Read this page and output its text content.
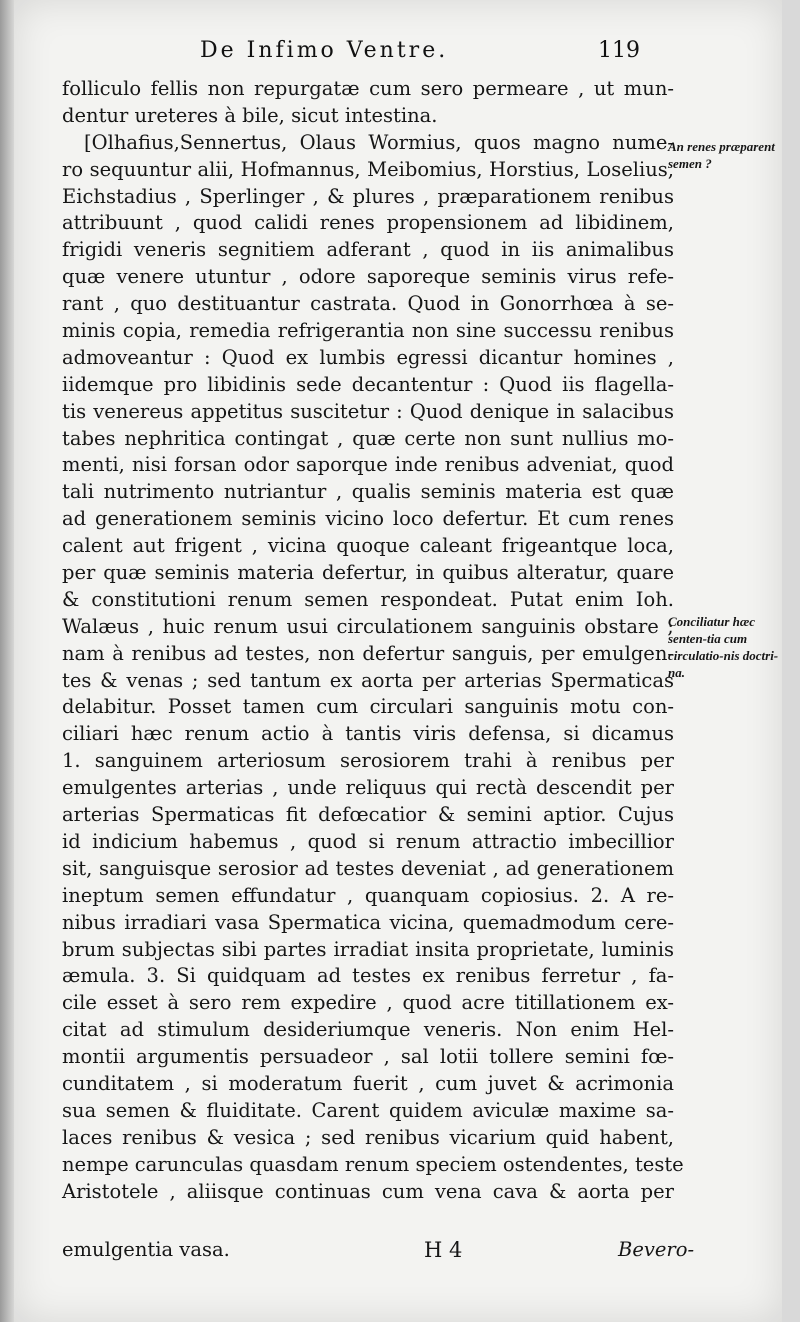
De Infimo Ventre.	119
folliculo fellis non repurgatæ cum sero permeare , ut mun-
dentur ureteres à bile, sicut intestina.
[Olhafius,Sennertus, Olaus Wormius, quos magno nume-
ro sequuntur alii, Hofmannus, Meibomius, Horstius, Loselius,
Eichstadius , Sperlinger , & plures , præparationem renibus
attribuunt , quod calidi renes propensionem ad libidinem,
frigidi veneris segnitiem adferant , quod in iis animalibus
quæ venere utuntur , odore saporeque seminis virus refe-
rant , quo destituantur castrata. Quod in Gonorrhœa à se-
minis copia, remedia refrigerantia non sine successu renibus
admoveantur : Quod ex lumbis egressi dicantur homines ,
iidemque pro libidinis sede decantentur : Quod iis flagella-
tis venereus appetitus suscitetur : Quod denique in salacibus
tabes nephritica contingat , quæ certe non sunt nullius mo-
menti, nisi forsan odor saporque inde renibus adveniat, quod
tali nutrimento nutriantur , qualis seminis materia est quæ
ad generationem seminis vicino loco defertur. Et cum renes
calent aut frigent , vicina quoque caleant frigeantque loca,
per quæ seminis materia defertur, in quibus alteratur, quare
& constitutioni renum semen respondeat. Putat enim Ioh.
Walæus , huic renum usui circulationem sanguinis obstare ;
nam à renibus ad testes, non defertur sanguis, per emulgen-
tes & venas ; sed tantum ex aorta per arterias Spermaticas
delabitur. Posset tamen cum circulari sanguinis motu con-
ciliari hæc renum actio à tantis viris defensa, si dicamus
1. sanguinem arteriosum serosiorem trahi à renibus per
emulgentes arterias , unde reliquus qui rectà descendit per
arterias Spermaticas fit defœcatior & semini aptior. Cujus
id indicium habemus , quod si renum attractio imbecillior
sit, sanguisque serosior ad testes deveniat , ad generationem
ineptum semen effundatur , quanquam copiosius. 2. A re-
nibus irradiari vasa Spermatica vicina, quemadmodum cere-
brum subjectas sibi partes irradiat insita proprietate, luminis
æmula. 3. Si quidquam ad testes ex renibus ferretur , fa-
cile esset à sero rem expedire , quod acre titillationem ex-
citat ad stimulum desideriumque veneris. Non enim Hel-
montii argumentis persuadeor , sal lotii tollere semini fœ-
cunditatem , si moderatum fuerit , cum juvet & acrimonia
sua semen & fluiditate. Carent quidem aviculæ maxime sa-
laces renibus & vesica ; sed renibus vicarium quid habent,
nempe carunculas quasdam renum speciem ostendentes, teste
Aristotele , aliisque continuas cum vena cava & aorta per
An renes præparent semen ?
Conciliatur hæc senten-tia cum circulatio-nis doctri-na.
emulgentia vasa.	H 4	Bevero-
